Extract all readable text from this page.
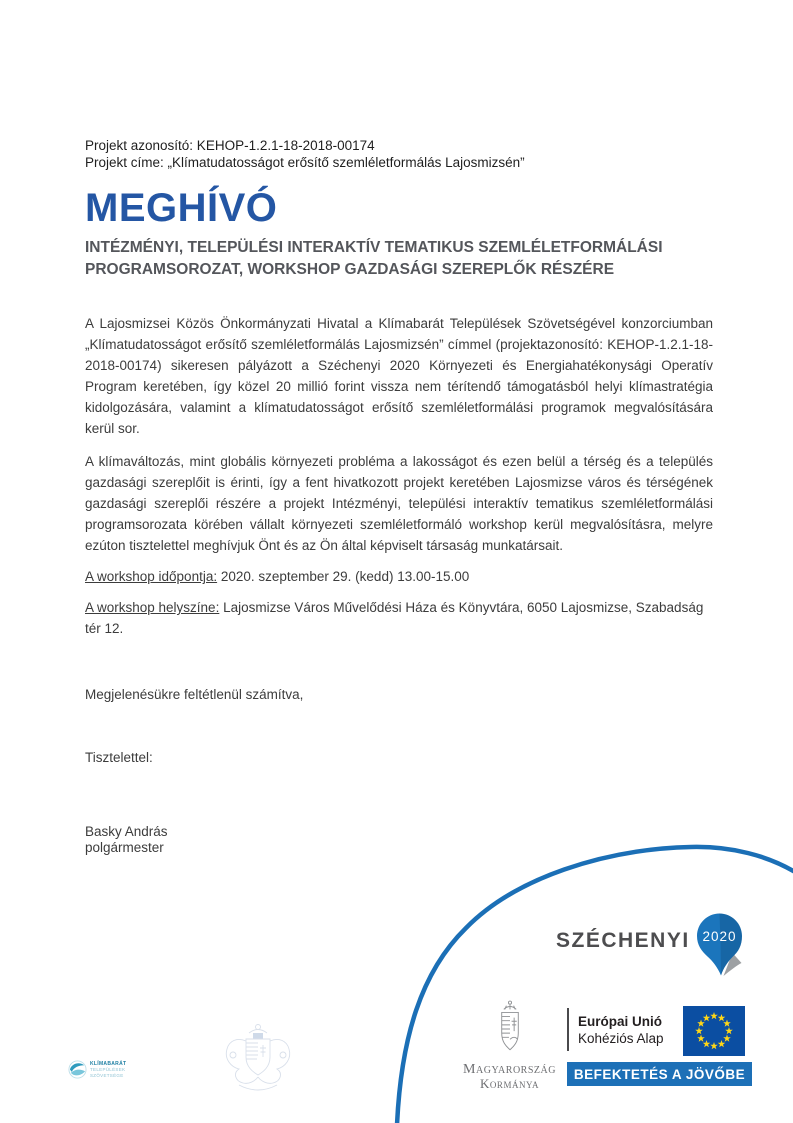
Projekt azonosító: KEHOP-1.2.1-18-2018-00174
Projekt címe: „Klímatudatosságot erősítő szemléletformálás Lajosmizsén”
MEGHÍVÓ
INTÉZMÉNYI, TELEPÜLÉSI INTERAKTÍV TEMATIKUS SZEMLÉLETFORMÁLÁSI
PROGRAMSOROZAT, WORKSHOP GAZDASÁGI SZEREPLŐK RÉSZÉRE
A Lajosmizsei Közös Önkormányzati Hivatal a Klímabarát Települések Szövetségével konzorciumban „Klímatudatosságot erősítő szemléletformálás Lajosmizsén” címmel (projektazonosító: KEHOP-1.2.1-18-2018-00174) sikeresen pályázott a Széchenyi 2020 Környezeti és Energiahatékonysági Operatív Program keretében, így közel 20 millió forint vissza nem térítendő támogatásból helyi klímastratégia kidolgozására, valamint a klímatudatosságot erősítő szemléletformálási programok megvalósítására kerül sor.
A klímaváltozás, mint globális környezeti probléma a lakosságot és ezen belül a térség és a település gazdasági szereplőit is érinti, így a fent hivatkozott projekt keretében Lajosmizse város és térségének gazdasági szereplői részére a projekt Intézményi, települési interaktív tematikus szemléletformálási programsorozata körében vállalt környezeti szemléletformáló workshop kerül megvalósításra, melyre ezúton tisztelettel meghívjuk Önt és az Ön által képviselt társaság munkatársait.
A workshop időpontja: 2020. szeptember 29. (kedd) 13.00-15.00
A workshop helyszíne: Lajosmizse Város Művelődési Háza és Könyvtára, 6050 Lajosmizse, Szabadság tér 12.
Megjelenésükre feltétlenül számítva,
Tisztelettel:
Basky András
polgármester
SZÉCHENYI 2020
KLÍMABARÁT
TELEPÜLÉSEK
SZÖVETSÉGE	Magyarország
Kormánya
Európai Unió
Kohéziós Alap
BEFEKTETÉS A JÖVŐBE
